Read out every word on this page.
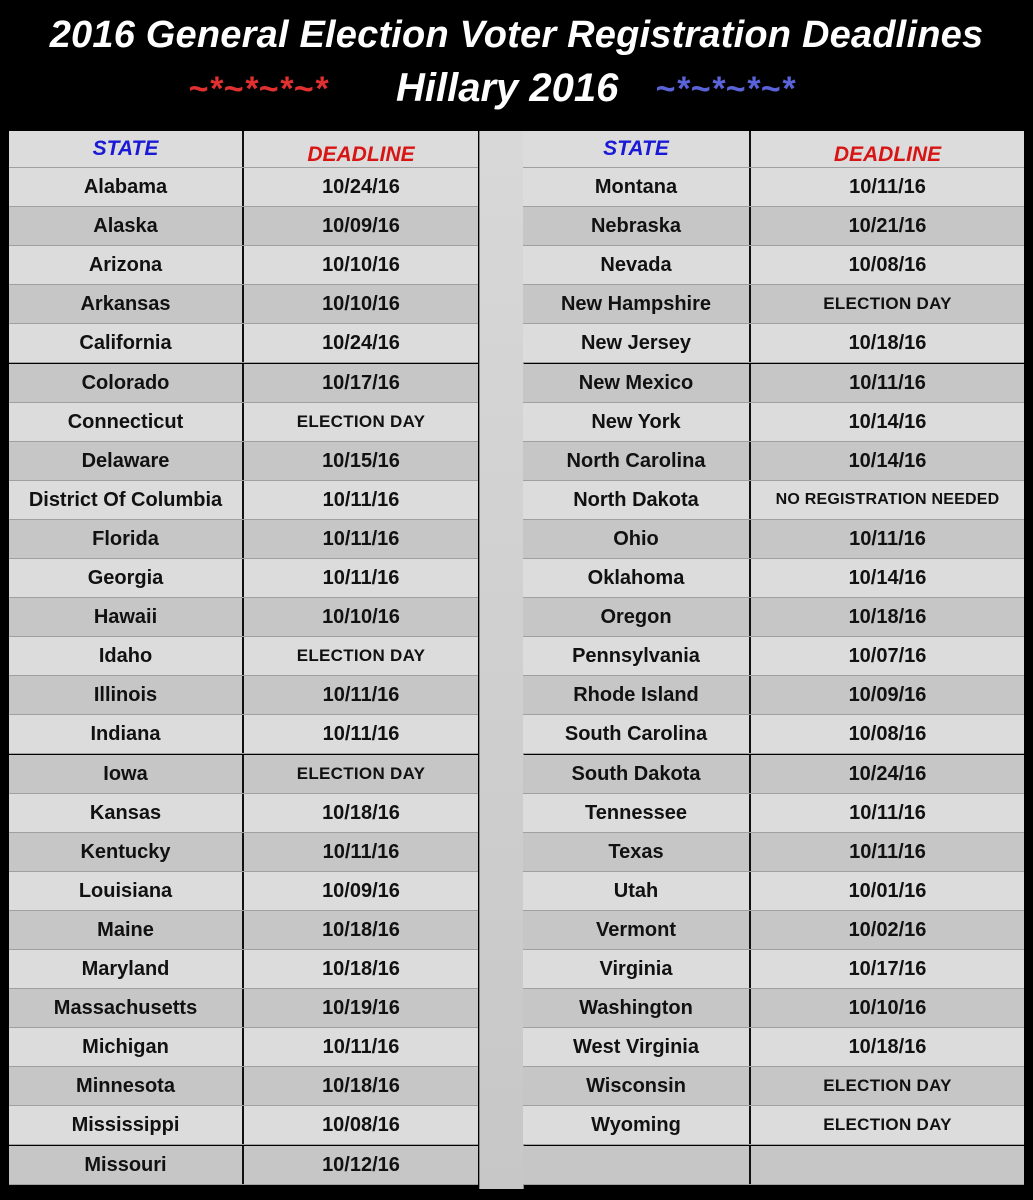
2016 General Election Voter Registration Deadlines
~*~*~*~* Hillary 2016 ~*~*~*~*
STATE	DEADLINE
Alabama	10/24/16
Alaska	10/09/16
Arizona	10/10/16
Arkansas	10/10/16
California	10/24/16
Colorado	10/17/16
Connecticut	ELECTION DAY
Delaware	10/15/16
District Of Columbia	10/11/16
Florida	10/11/16
Georgia	10/11/16
Hawaii	10/10/16
Idaho	ELECTION DAY
Illinois	10/11/16
Indiana	10/11/16
Iowa	ELECTION DAY
Kansas	10/18/16
Kentucky	10/11/16
Louisiana	10/09/16
Maine	10/18/16
Maryland	10/18/16
Massachusetts	10/19/16
Michigan	10/11/16
Minnesota	10/18/16
Mississippi	10/08/16
Missouri	10/12/16
STATE	DEADLINE
Montana	10/11/16
Nebraska	10/21/16
Nevada	10/08/16
New Hampshire	ELECTION DAY
New Jersey	10/18/16
New Mexico	10/11/16
New York	10/14/16
North Carolina	10/14/16
North Dakota	NO REGISTRATION NEEDED
Ohio	10/11/16
Oklahoma	10/14/16
Oregon	10/18/16
Pennsylvania	10/07/16
Rhode Island	10/09/16
South Carolina	10/08/16
South Dakota	10/24/16
Tennessee	10/11/16
Texas	10/11/16
Utah	10/01/16
Vermont	10/02/16
Virginia	10/17/16
Washington	10/10/16
West Virginia	10/18/16
Wisconsin	ELECTION DAY
Wyoming	ELECTION DAY
